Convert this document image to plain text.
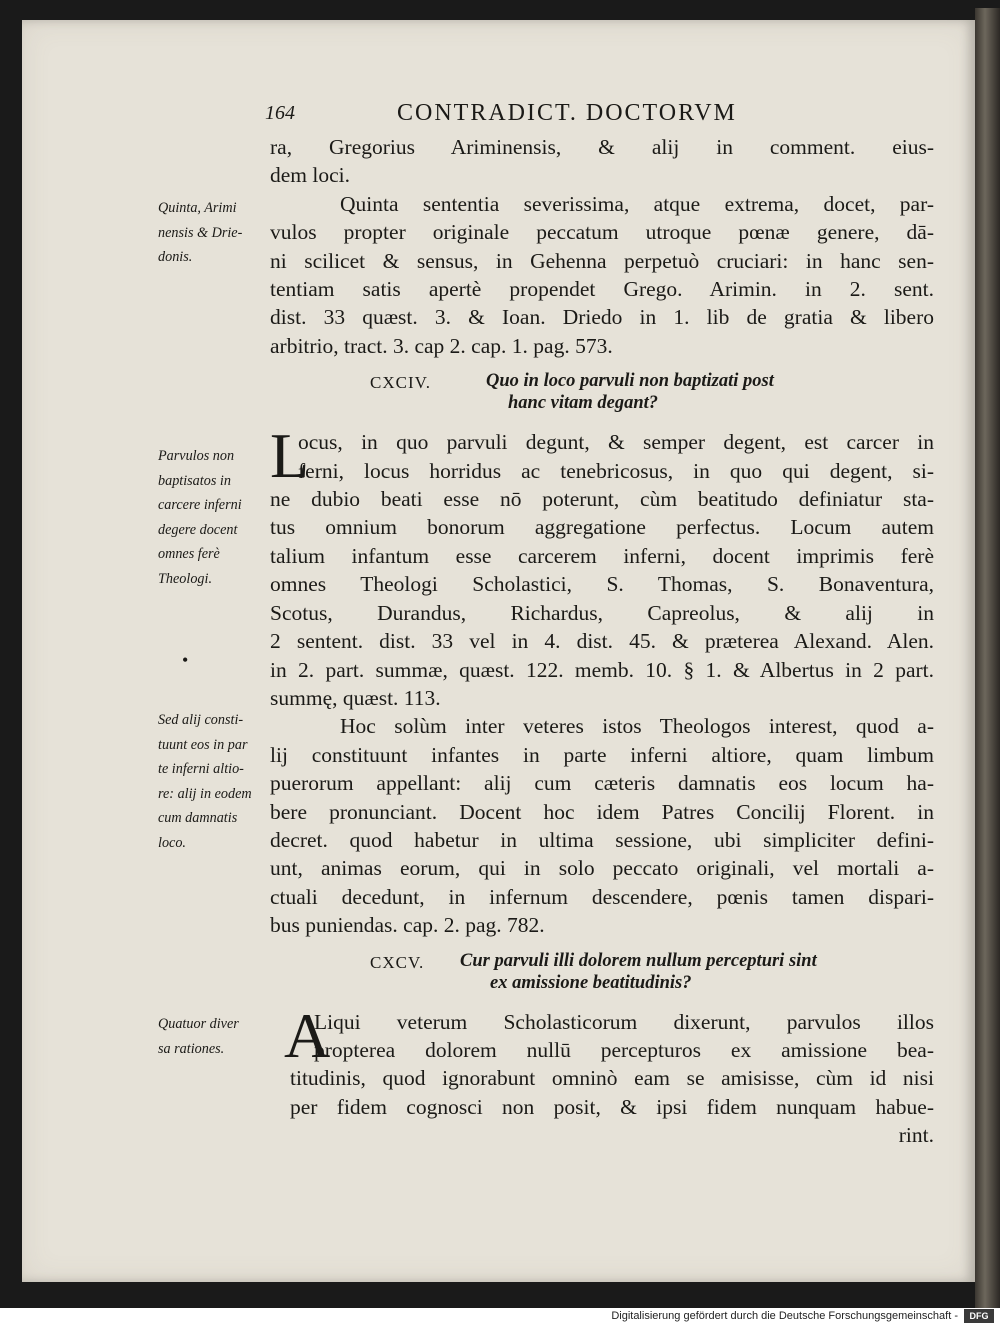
164	CONTRADICT. DOCTORVM
Quinta, Arimi
nensis & Drie-
donis.
Parvulos non
baptisatos in
carcere inferni
degere docent
omnes ferè
Theologi.
•
Sed alij consti-
tuunt eos in par
te inferni altio-
re: alij in eodem
cum damnatis
loco.
Quatuor diver
sa rationes.
ra, Gregorius Ariminensis, & alij in comment. eius-
dem loci.
Quinta sententia severissima, atque extrema, docet, par-
vulos propter originale peccatum utroque pœnæ genere, dā-
ni scilicet & sensus, in Gehenna perpetuò cruciari: in hanc sen-
tentiam satis apertè propendet Grego. Arimin. in 2. sent.
dist. 33 quæst. 3. & Ioan. Driedo in 1. lib de gratia & libero
arbitrio, tract. 3. cap 2. cap. 1. pag. 573.
CXCIV.	Quo in loco parvuli non baptizati post
hanc vitam degant?
L
ocus, in quo parvuli degunt, & semper degent, est carcer in
ferni, locus horridus ac tenebricosus, in quo qui degent, si-
ne dubio beati esse nō poterunt, cùm beatitudo definiatur sta-
tus omnium bonorum aggregatione perfectus. Locum autem
talium infantum esse carcerem inferni, docent imprimis ferè
omnes Theologi Scholastici, S. Thomas, S. Bonaventura,
Scotus, Durandus, Richardus, Capreolus, & alij in
2 sentent. dist. 33 vel in 4. dist. 45. & præterea Alexand. Alen.
in 2. part. summæ, quæst. 122. memb. 10. § 1. & Albertus in 2 part.
summę, quæst. 113.
Hoc solùm inter veteres istos Theologos interest, quod a-
lij constituunt infantes in parte inferni altiore, quam limbum
puerorum appellant: alij cum cæteris damnatis eos locum ha-
bere pronunciant. Docent hoc idem Patres Concilij Florent. in
decret. quod habetur in ultima sessione, ubi simpliciter defini-
unt, animas eorum, qui in solo peccato originali, vel mortali a-
ctuali decedunt, in infernum descendere, pœnis tamen dispari-
bus puniendas. cap. 2. pag. 782.
CXCV. Cur parvuli illi dolorem nullum percepturi sint
ex amissione beatitudinis?
A
Liqui veterum Scholasticorum dixerunt, parvulos illos
propterea dolorem nullū percepturos ex amissione bea-
titudinis, quod ignorabunt omninò eam se amisisse, cùm id nisi
per fidem cognosci non posit, & ipsi fidem nunquam habue-
rint.
Digitalisierung gefördert durch die Deutsche Forschungsgemeinschaft -	DFG
